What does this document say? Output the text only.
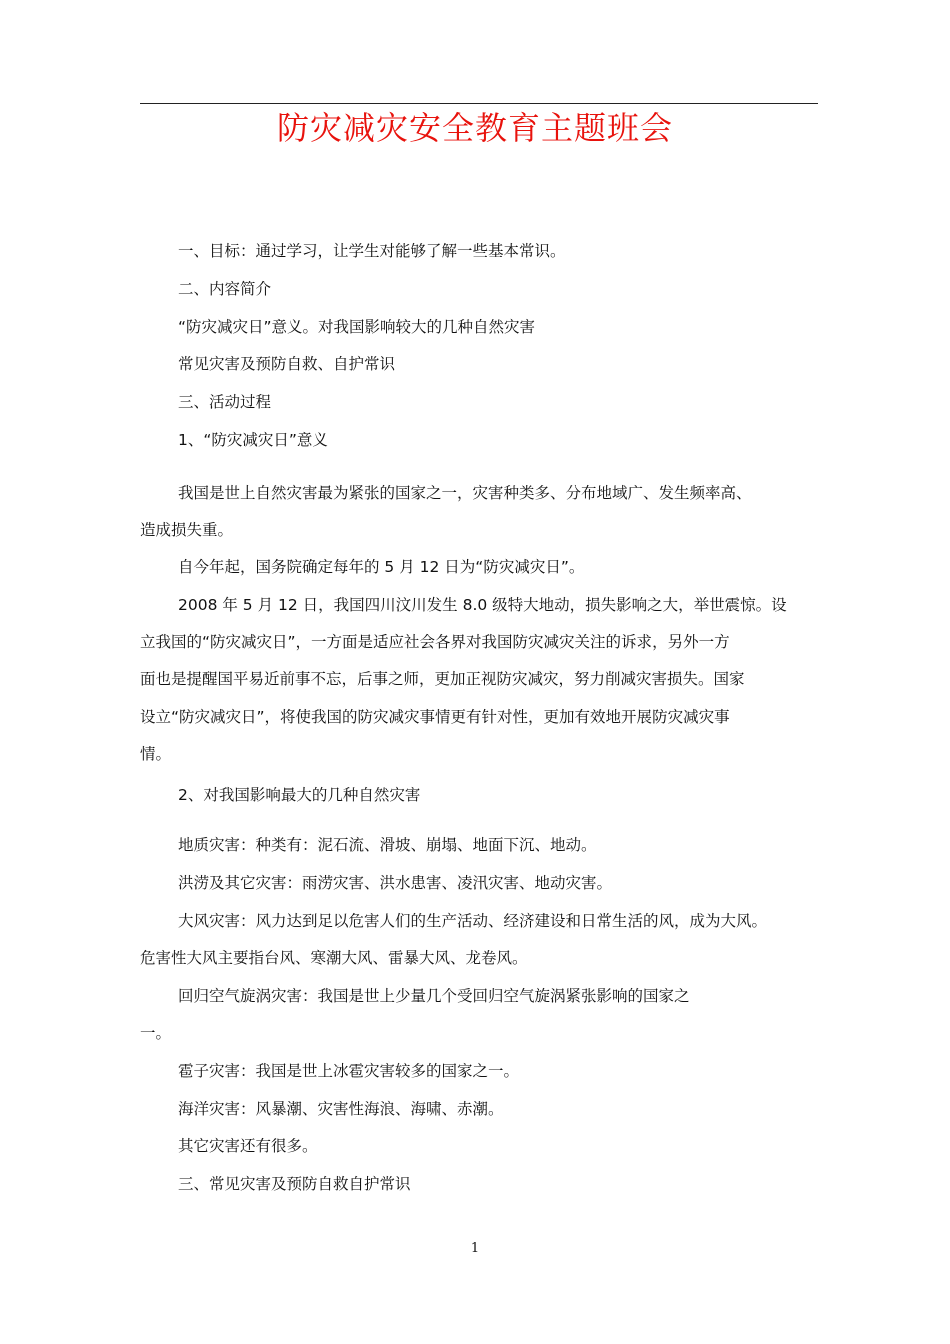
防灾减灾安全教育主题班会
一、目标：通过学习，让学生对能够了解一些基本常识。
二、内容简介
“防灾减灾日”意义。对我国影响较大的几种自然灾害
常见灾害及预防自救、自护常识
三、活动过程
1、“防灾减灾日”意义
我国是世上自然灾害最为紧张的国家之一，灾害种类多、分布地域广、发生频率高、
造成损失重。
自今年起，国务院确定每年的 5 月 12 日为“防灾减灾日”。
2008 年 5 月 12 日，我国四川汶川发生 8.0 级特大地动，损失影响之大，举世震惊。设
立我国的“防灾减灾日”，一方面是适应社会各界对我国防灾减灾关注的诉求，另外一方
面也是提醒国平易近前事不忘，后事之师，更加正视防灾减灾，努力削减灾害损失。国家
设立“防灾减灾日”，将使我国的防灾减灾事情更有针对性，更加有效地开展防灾减灾事
情。
2、对我国影响最大的几种自然灾害
地质灾害：种类有：泥石流、滑坡、崩塌、地面下沉、地动。
洪涝及其它灾害：雨涝灾害、洪水患害、凌汛灾害、地动灾害。
大风灾害：风力达到足以危害人们的生产活动、经济建设和日常生活的风，成为大风。
危害性大风主要指台风、寒潮大风、雷暴大风、龙卷风。
回归空气旋涡灾害：我国是世上少量几个受回归空气旋涡紧张影响的国家之
一。
雹子灾害：我国是世上冰雹灾害较多的国家之一。
海洋灾害：风暴潮、灾害性海浪、海啸、赤潮。
其它灾害还有很多。
三、常见灾害及预防自救自护常识
1
